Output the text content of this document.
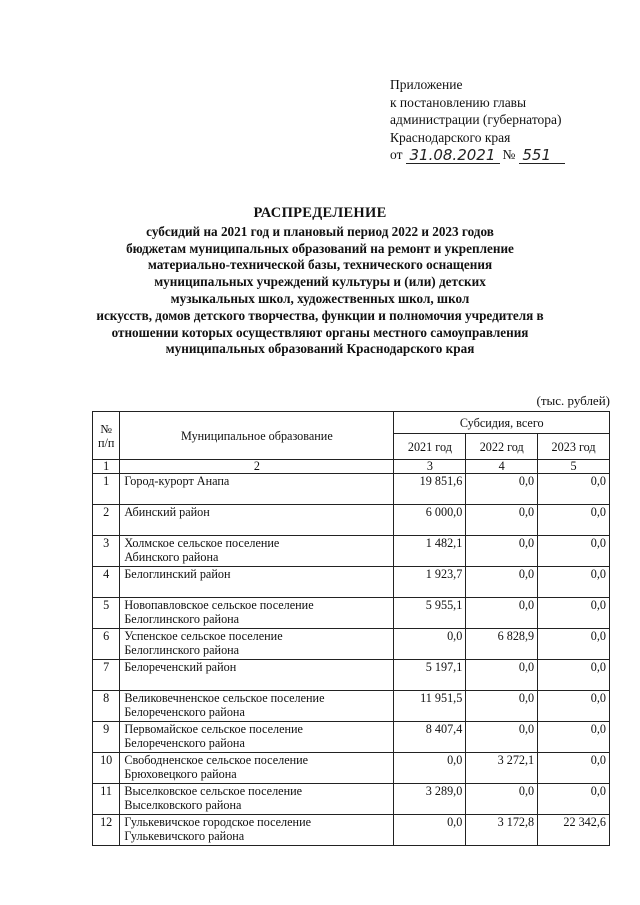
Приложение
к постановлению главы
администрации (губернатора)
Краснодарского края
от 31.08.2021 № 551
РАСПРЕДЕЛЕНИЕ
субсидий на 2021 год и плановый период 2022 и 2023 годов
бюджетам муниципальных образований на ремонт и укрепление
материально-технической базы, технического оснащения
муниципальных учреждений культуры и (или) детских
музыкальных школ, художественных школ, школ
искусств, домов детского творчества, функции и полномочия учредителя в
отношении которых осуществляют органы местного самоуправления
муниципальных образований Краснодарского края
(тыс. рублей)
№ п/п	Муниципальное образование	Субсидия, всего		
		2021 год	2022 год	2023 год
1	2	3	4	5
1	Город-курорт Анапа	19 851,6	0,0	0,0
2	Абинский район	6 000,0	0,0	0,0
3	Холмское сельское поселение
Абинского района	1 482,1	0,0	0,0
4	Белоглинский район	1 923,7	0,0	0,0
5	Новопавловское сельское поселение
Белоглинского района	5 955,1	0,0	0,0
6	Успенское сельское поселение
Белоглинского района	0,0	6 828,9	0,0
7	Белореченский район	5 197,1	0,0	0,0
8	Великовечненское сельское поселение
Белореченского района	11 951,5	0,0	0,0
9	Первомайское сельское поселение
Белореченского района	8 407,4	0,0	0,0
10	Свободненское сельское поселение
Брюховецкого района	0,0	3 272,1	0,0
11	Выселковское сельское поселение
Выселковского района	3 289,0	0,0	0,0
12	Гулькевичское городское поселение
Гулькевичского района	0,0	3 172,8	22 342,6
